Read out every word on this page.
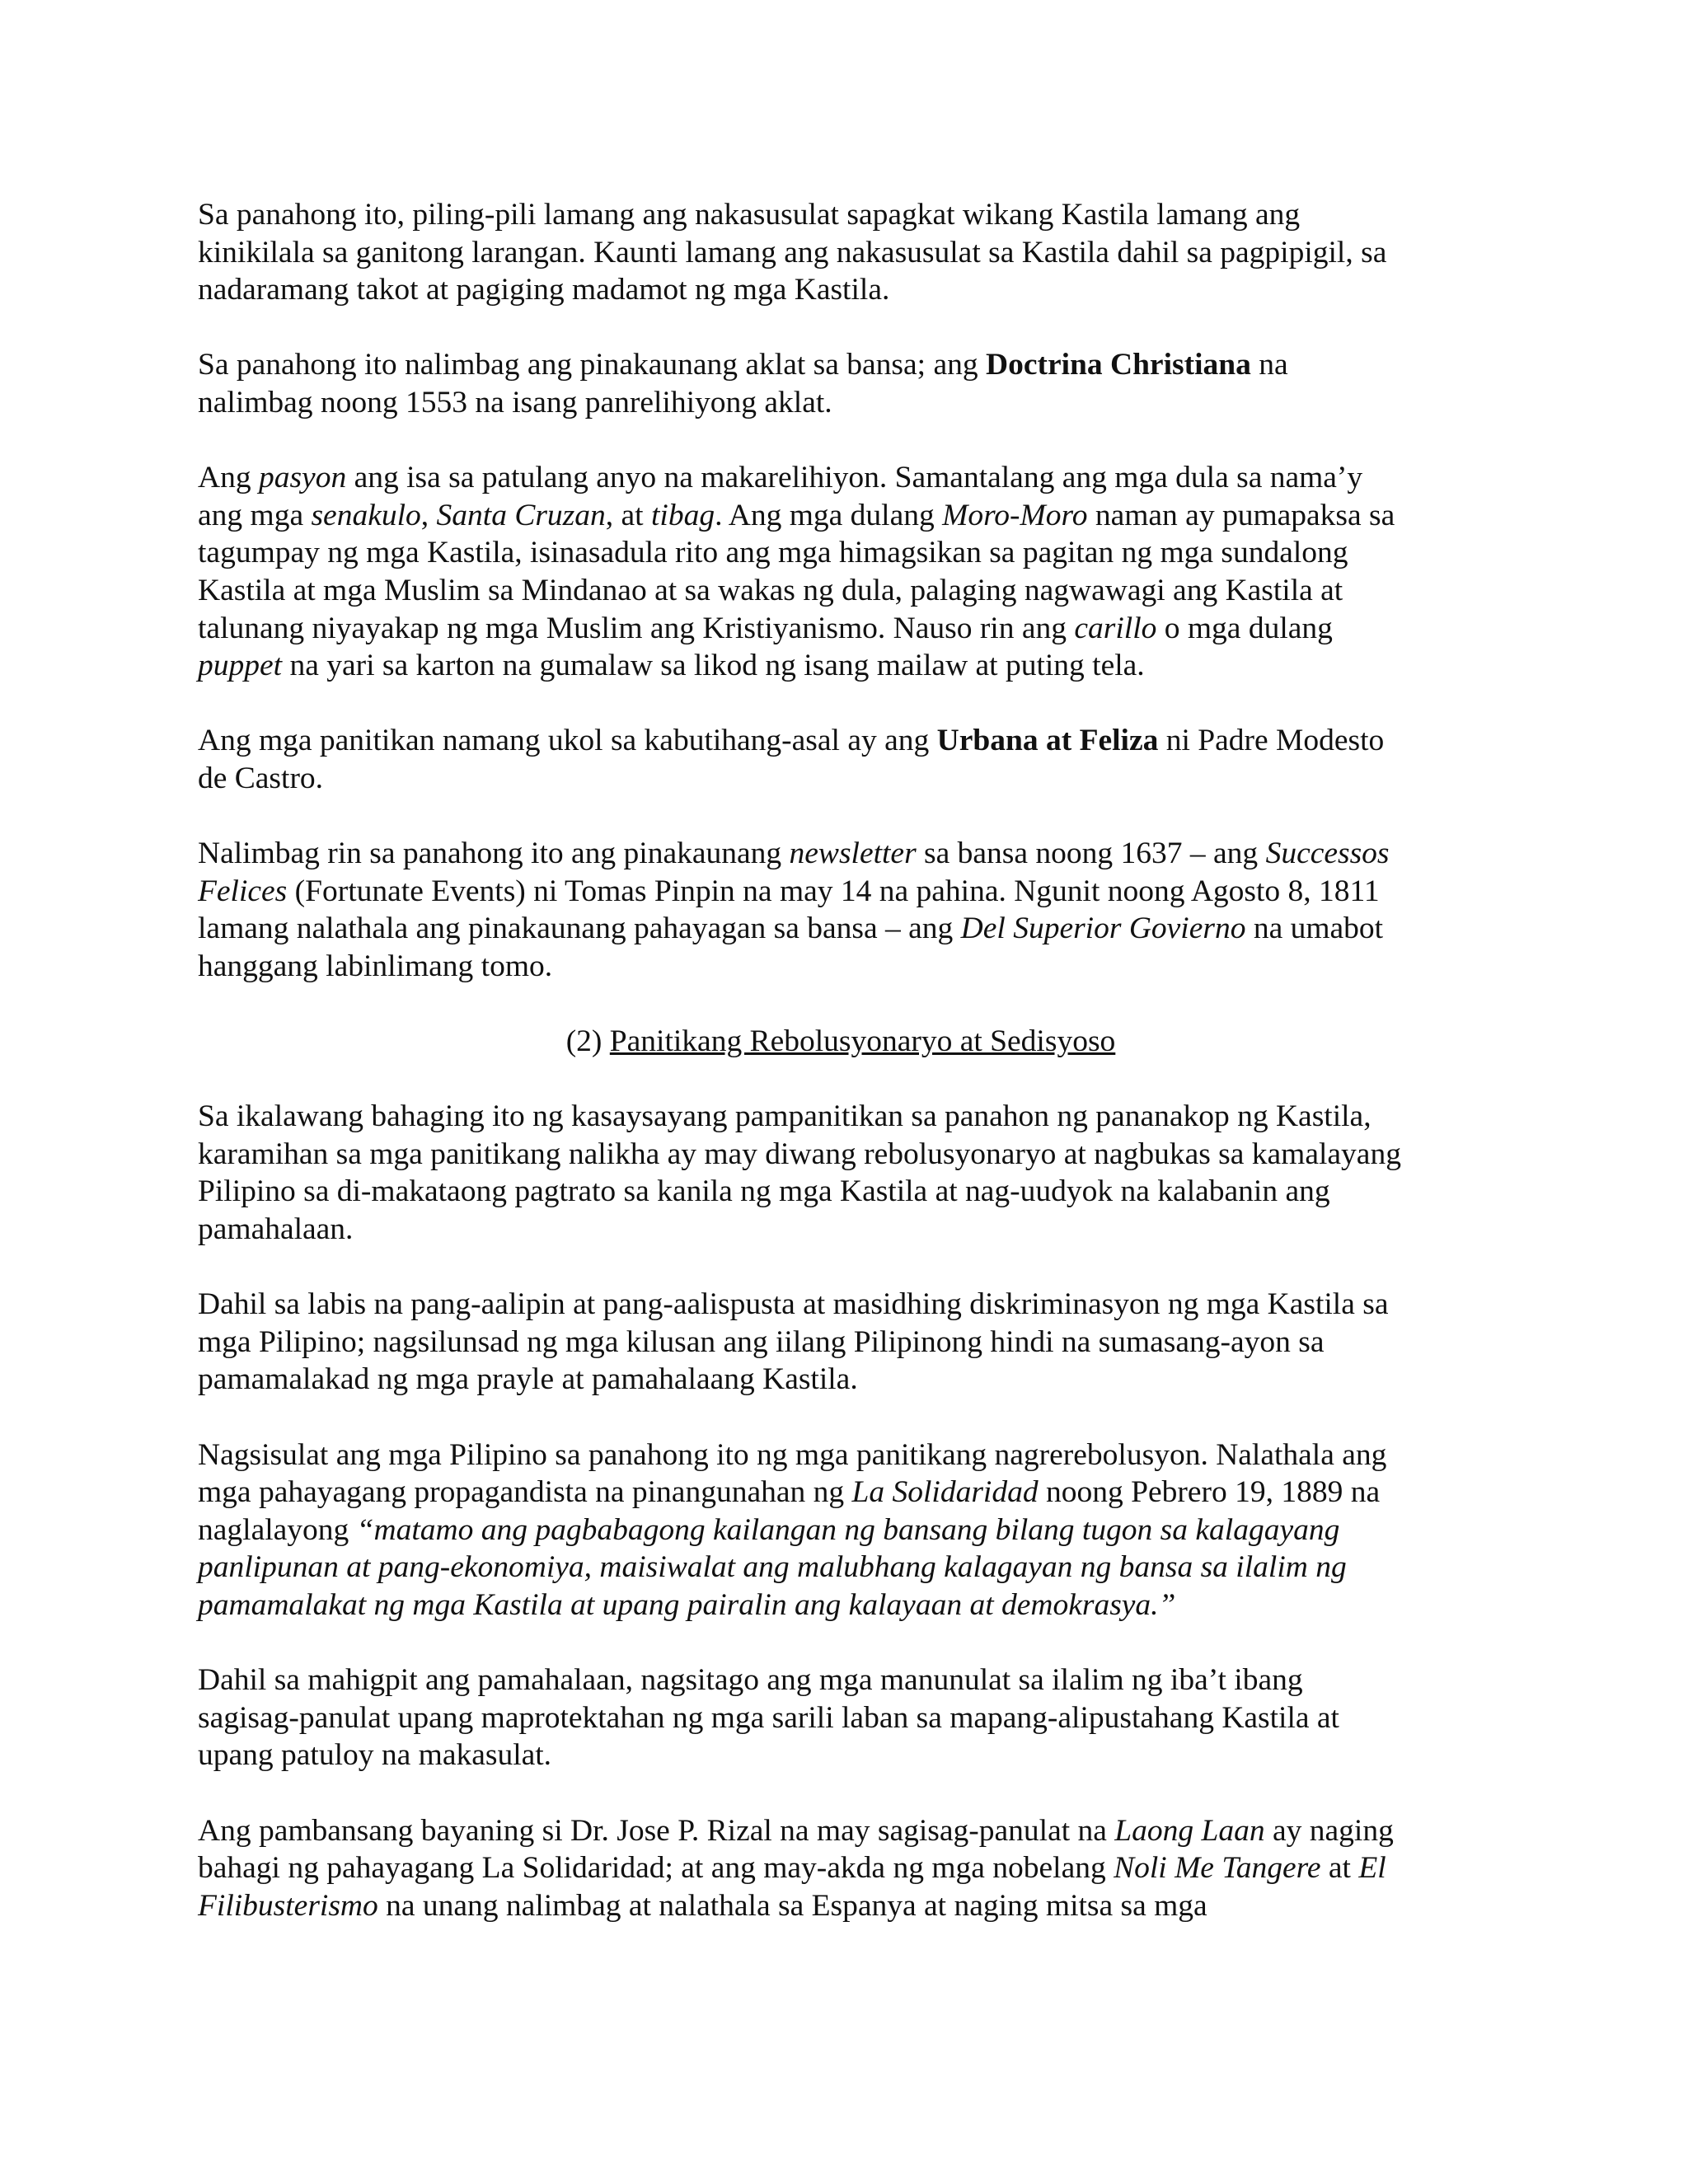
Sa panahong ito, piling-pili lamang ang nakasusulat sapagkat wikang Kastila lamang ang
kinikilala sa ganitong larangan. Kaunti lamang ang nakasusulat sa Kastila dahil sa pagpipigil, sa
nadaramang takot at pagiging madamot ng mga Kastila.

Sa panahong ito nalimbag ang pinakaunang aklat sa bansa; ang Doctrina Christiana na
nalimbag noong 1553 na isang panrelihiyong aklat.

Ang pasyon ang isa sa patulang anyo na makarelihiyon. Samantalang ang mga dula sa nama’y
ang mga senakulo, Santa Cruzan, at tibag. Ang mga dulang Moro-Moro naman ay pumapaksa sa
tagumpay ng mga Kastila, isinasadula rito ang mga himagsikan sa pagitan ng mga sundalong
Kastila at mga Muslim sa Mindanao at sa wakas ng dula, palaging nagwawagi ang Kastila at
talunang niyayakap ng mga Muslim ang Kristiyanismo. Nauso rin ang carillo o mga dulang
puppet na yari sa karton na gumalaw sa likod ng isang mailaw at puting tela.

Ang mga panitikan namang ukol sa kabutihang-asal ay ang Urbana at Feliza ni Padre Modesto
de Castro.

Nalimbag rin sa panahong ito ang pinakaunang newsletter sa bansa noong 1637 – ang Successos
Felices (Fortunate Events) ni Tomas Pinpin na may 14 na pahina. Ngunit noong Agosto 8, 1811
lamang nalathala ang pinakaunang pahayagan sa bansa – ang Del Superior Govierno na umabot
hanggang labinlimang tomo.

(2) Panitikang Rebolusyonaryo at Sedisyoso

Sa ikalawang bahaging ito ng kasaysayang pampanitikan sa panahon ng pananakop ng Kastila,
karamihan sa mga panitikang nalikha ay may diwang rebolusyonaryo at nagbukas sa kamalayang
Pilipino sa di-makataong pagtrato sa kanila ng mga Kastila at nag-uudyok na kalabanin ang
pamahalaan.

Dahil sa labis na pang-aalipin at pang-aalispusta at masidhing diskriminasyon ng mga Kastila sa
mga Pilipino; nagsilunsad ng mga kilusan ang iilang Pilipinong hindi na sumasang-ayon sa
pamamalakad ng mga prayle at pamahalaang Kastila.

Nagsisulat ang mga Pilipino sa panahong ito ng mga panitikang nagrerebolusyon. Nalathala ang
mga pahayagang propagandista na pinangunahan ng La Solidaridad noong Pebrero 19, 1889 na
naglalayong “matamo ang pagbabagong kailangan ng bansang bilang tugon sa kalagayang
panlipunan at pang-ekonomiya, maisiwalat ang malubhang kalagayan ng bansa sa ilalim ng
pamamalakat ng mga Kastila at upang pairalin ang kalayaan at demokrasya.”

Dahil sa mahigpit ang pamahalaan, nagsitago ang mga manunulat sa ilalim ng iba’t ibang
sagisag-panulat upang maprotektahan ng mga sarili laban sa mapang-alipustahang Kastila at
upang patuloy na makasulat.

Ang pambansang bayaning si Dr. Jose P. Rizal na may sagisag-panulat na Laong Laan ay naging
bahagi ng pahayagang La Solidaridad; at ang may-akda ng mga nobelang Noli Me Tangere at El
Filibusterismo na unang nalimbag at nalathala sa Espanya at naging mitsa sa mga
